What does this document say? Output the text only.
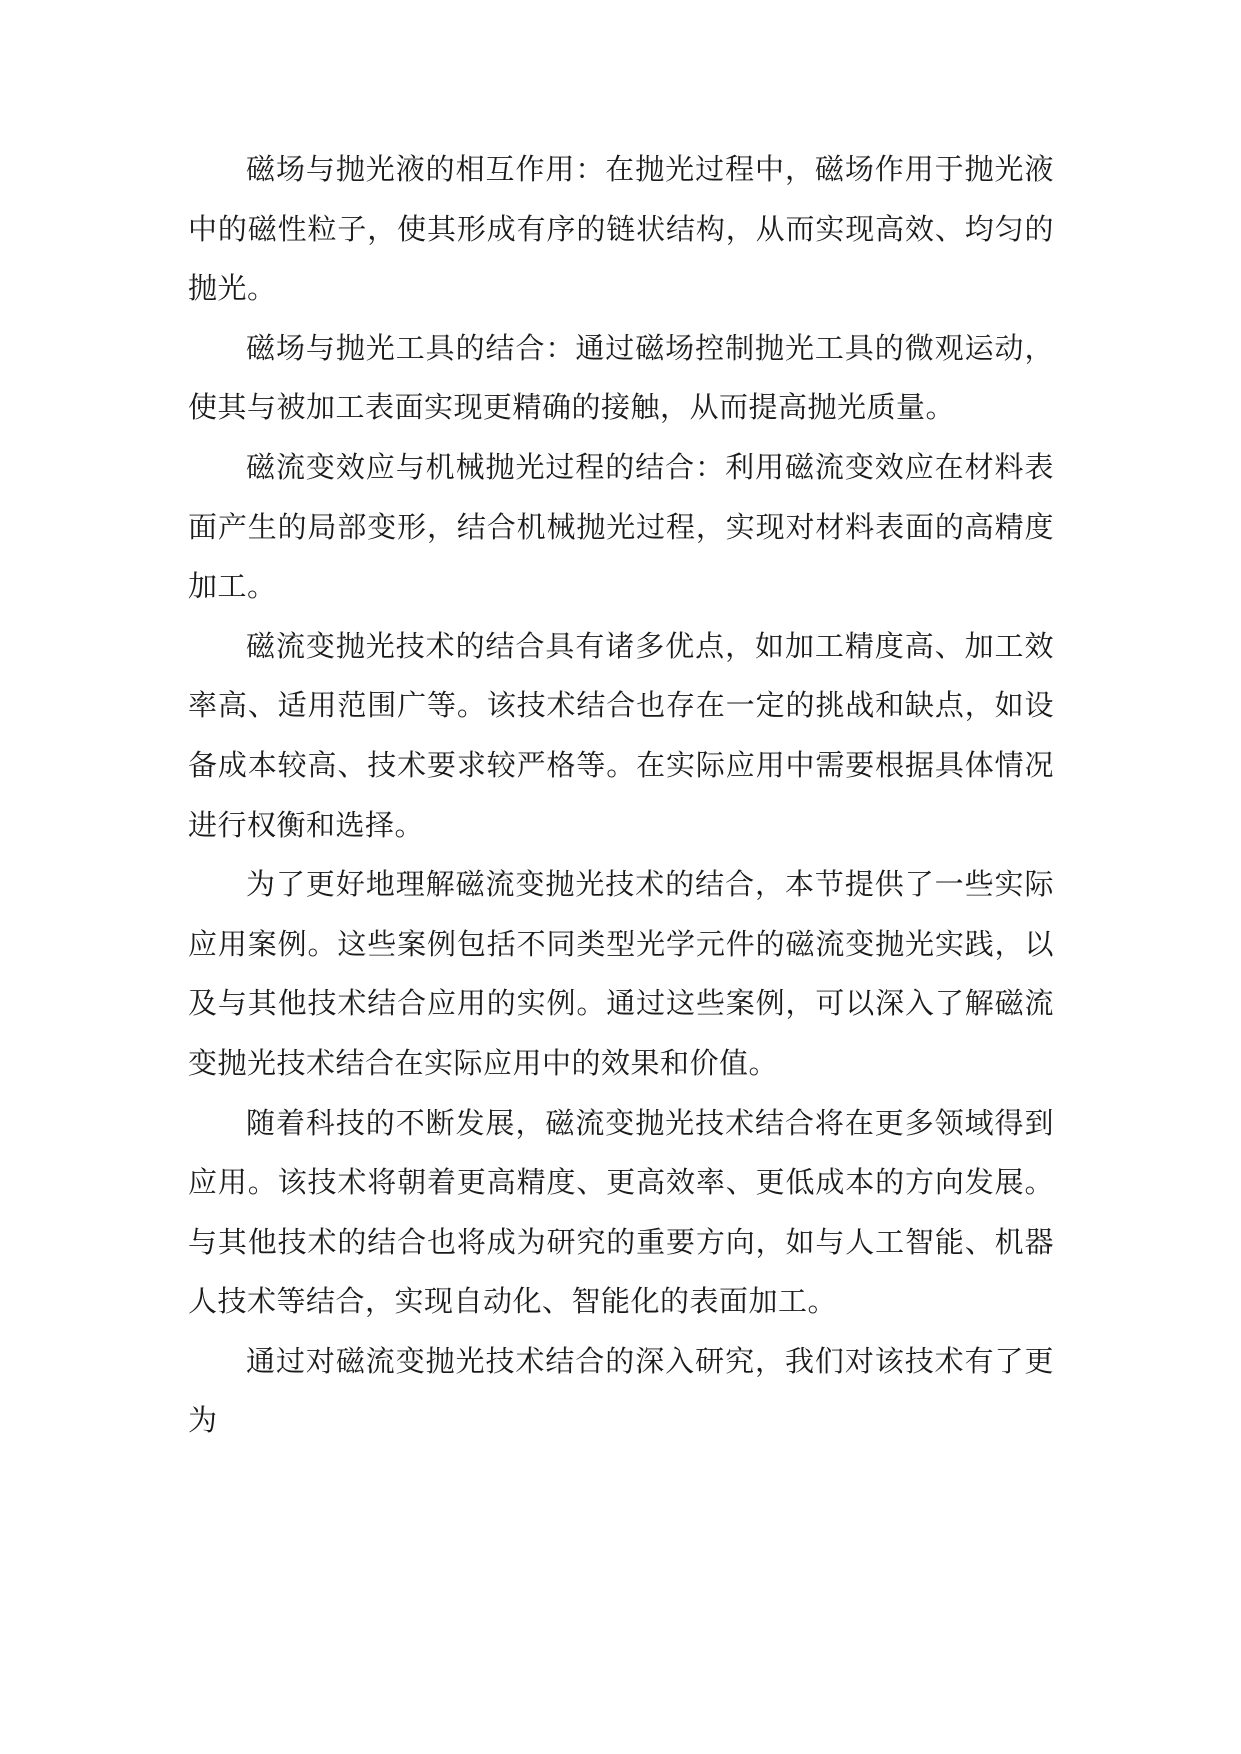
磁场与抛光液的相互作用：在抛光过程中，磁场作用于抛光液中的磁性粒子，使其形成有序的链状结构，从而实现高效、均匀的抛光。

磁场与抛光工具的结合：通过磁场控制抛光工具的微观运动，使其与被加工表面实现更精确的接触，从而提高抛光质量。

磁流变效应与机械抛光过程的结合：利用磁流变效应在材料表面产生的局部变形，结合机械抛光过程，实现对材料表面的高精度加工。

磁流变抛光技术的结合具有诸多优点，如加工精度高、加工效率高、适用范围广等。该技术结合也存在一定的挑战和缺点，如设备成本较高、技术要求较严格等。在实际应用中需要根据具体情况进行权衡和选择。

为了更好地理解磁流变抛光技术的结合，本节提供了一些实际应用案例。这些案例包括不同类型光学元件的磁流变抛光实践，以及与其他技术结合应用的实例。通过这些案例，可以深入了解磁流变抛光技术结合在实际应用中的效果和价值。

随着科技的不断发展，磁流变抛光技术结合将在更多领域得到应用。该技术将朝着更高精度、更高效率、更低成本的方向发展。与其他技术的结合也将成为研究的重要方向，如与人工智能、机器人技术等结合，实现自动化、智能化的表面加工。

通过对磁流变抛光技术结合的深入研究，我们对该技术有了更为
